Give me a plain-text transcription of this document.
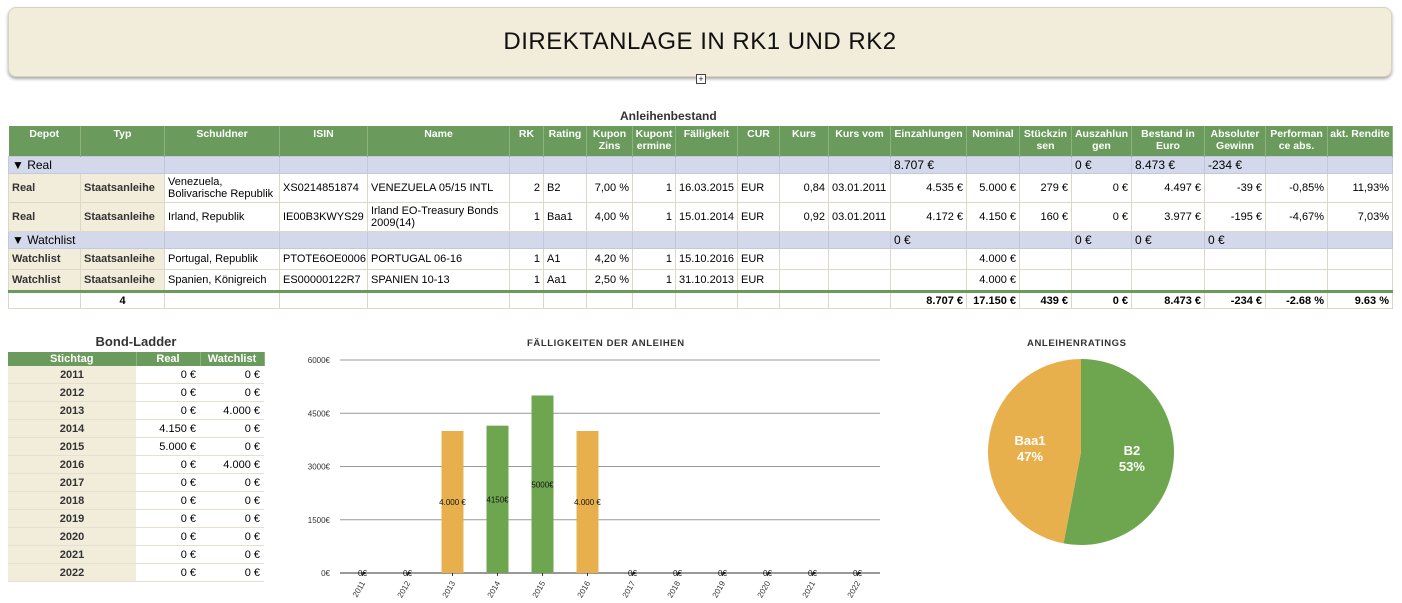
DIREKTANLAGE IN RK1 UND RK2
+
Anleihenbestand
Depot	Typ	Schuldner	ISIN	Name	RK	Rating	Kupon Zins	Kupont ermine	Fälligkeit	CUR	Kurs	Kurs vom	Einzahlungen	Nominal	Stückzin sen	Auszahlun gen	Bestand in Euro	Absoluter Gewinn	Performan ce abs.	akt. Rendite
▼ Real													8.707 €			0 €	8.473 €	-234 €		
Real	Staatsanleihe	Venezuela, Bolivarische Republik	XS0214851874	VENEZUELA 05/15 INTL	2	B2	7,00 %	1	16.03.2015	EUR	0,84	03.01.2011	4.535 €	5.000 €	279 €	0 €	4.497 €	-39 €	-0,85%	11,93%
Real	Staatsanleihe	Irland, Republik	IE00B3KWYS29	Irland EO-Treasury Bonds 2009(14)	1	Baa1	4,00 %	1	15.01.2014	EUR	0,92	03.01.2011	4.172 €	4.150 €	160 €	0 €	3.977 €	-195 €	-4,67%	7,03%
▼ Watchlist													0 €			0 €	0 €	0 €		
Watchlist	Staatsanleihe	Portugal, Republik	PTOTE6OE0006	PORTUGAL 06-16	1	A1	4,20 %	1	15.10.2016	EUR				4.000 €						
Watchlist	Staatsanleihe	Spanien, Königreich	ES00000122R7	SPANIEN 10-13	1	Aa1	2,50 %	1	31.10.2013	EUR				4.000 €						
	4												8.707 €	17.150 €	439 €	0 €	8.473 €	-234 €	-2.68 %	9.63 %
Bond-Ladder
Stichtag	Real	Watchlist
2011	0 €	0 €
2012	0 €	0 €
2013	0 €	4.000 €
2014	4.150 €	0 €
2015	5.000 €	0 €
2016	0 €	4.000 €
2017	0 €	0 €
2018	0 €	0 €
2019	0 €	0 €
2020	0 €	0 €
2021	0 €	0 €
2022	0 €	0 €
FÄLLIGKEITEN DER ANLEIHEN
0€
1500€
3000€
4500€
6000€
0€
2011
0€
2012
4.000 €
2013
4150€
2014
5000€
2015
4.000 €
2016
0€
2017
0€
2018
0€
2019
0€
2020
0€
2021
0€
2022
ANLEIHENRATINGS
B2
53%
Baa1
47%
